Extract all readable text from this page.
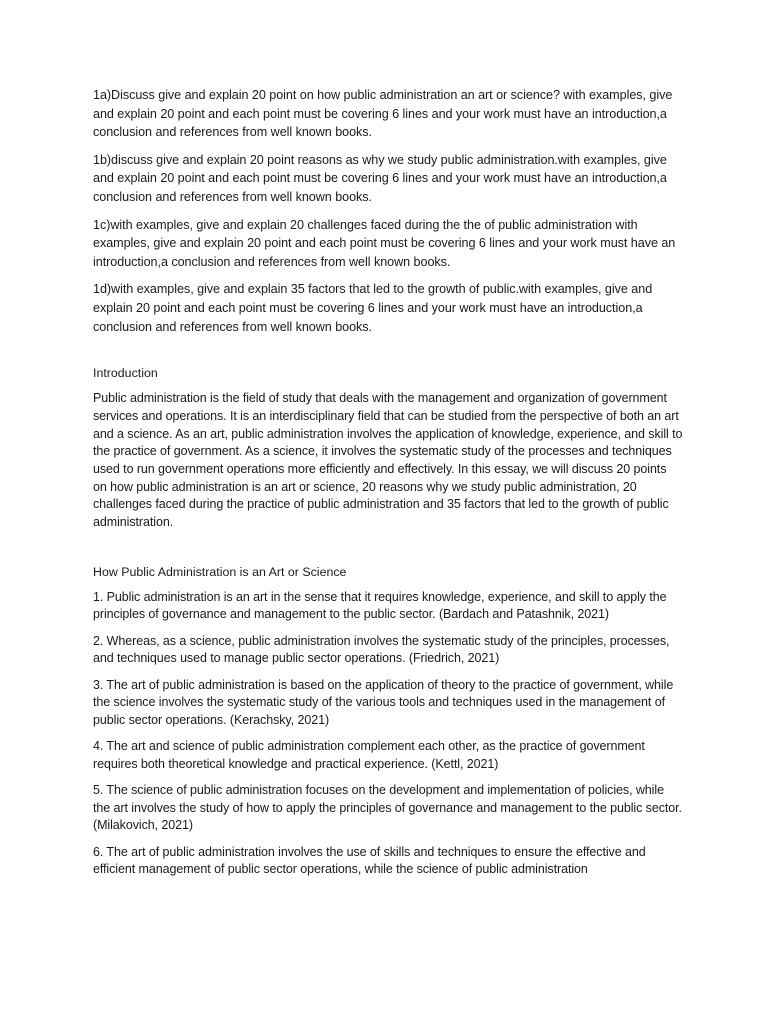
1a)Discuss give and explain 20 point on how public administration an art or science? with examples, give and explain 20 point and each point must be covering 6 lines and your work must have an introduction,a conclusion and references from well known books.

1b)discuss give and explain 20 point reasons as why we study public administration.with examples, give and explain 20 point and each point must be covering 6 lines and your work must have an introduction,a conclusion and references from well known books.

1c)with examples, give and explain 20 challenges faced during the the of public administration with examples, give and explain 20 point and each point must be covering 6 lines and your work must have an introduction,a conclusion and references from well known books.

1d)with examples, give and explain 35 factors that led to the growth of public.with examples, give and explain 20 point and each point must be covering 6 lines and your work must have an introduction,a conclusion and references from well known books.

Introduction

Public administration is the field of study that deals with the management and organization of government services and operations. It is an interdisciplinary field that can be studied from the perspective of both an art and a science. As an art, public administration involves the application of knowledge, experience, and skill to the practice of government. As a science, it involves the systematic study of the processes and techniques used to run government operations more efficiently and effectively. In this essay, we will discuss 20 points on how public administration is an art or science, 20 reasons why we study public administration, 20 challenges faced during the practice of public administration and 35 factors that led to the growth of public administration.

How Public Administration is an Art or Science

1. Public administration is an art in the sense that it requires knowledge, experience, and skill to apply the principles of governance and management to the public sector. (Bardach and Patashnik, 2021)

2. Whereas, as a science, public administration involves the systematic study of the principles, processes, and techniques used to manage public sector operations. (Friedrich, 2021)

3. The art of public administration is based on the application of theory to the practice of government, while the science involves the systematic study of the various tools and techniques used in the management of public sector operations. (Kerachsky, 2021)

4. The art and science of public administration complement each other, as the practice of government requires both theoretical knowledge and practical experience. (Kettl, 2021)

5. The science of public administration focuses on the development and implementation of policies, while the art involves the study of how to apply the principles of governance and management to the public sector. (Milakovich, 2021)

6. The art of public administration involves the use of skills and techniques to ensure the effective and efficient management of public sector operations, while the science of public administration
